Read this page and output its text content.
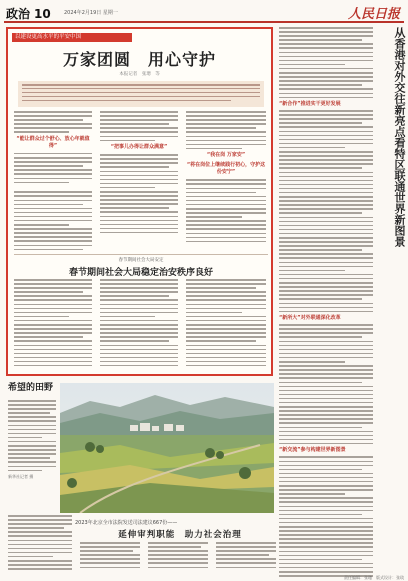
政治 10	2024年2月19日 星期一	人民日报
以建设更高水平的平安中国
万家团圆　用心守护
本报记者　张璁　等
“能让群众过个舒心、放心年就值得”	“把事儿办得让群众满意”
“我在岗 万家安”
“将在岗位上继续践行初心，守护这份安宁”
春节期间社会大局安定
春节期间社会大局稳定治安秩序良好
从香港对外交往新亮点看特区联通世界新图景
“新合作”推进实干更好发展
“新所大”对外联通深化改革
“新交流”参与构建世界新图景
希望的田野
新华社记者 摄
2023年北京全市法院发送司法建议667份——
延伸审判职能　助力社会治理
责任编辑：张璁　版式设计：张琰
